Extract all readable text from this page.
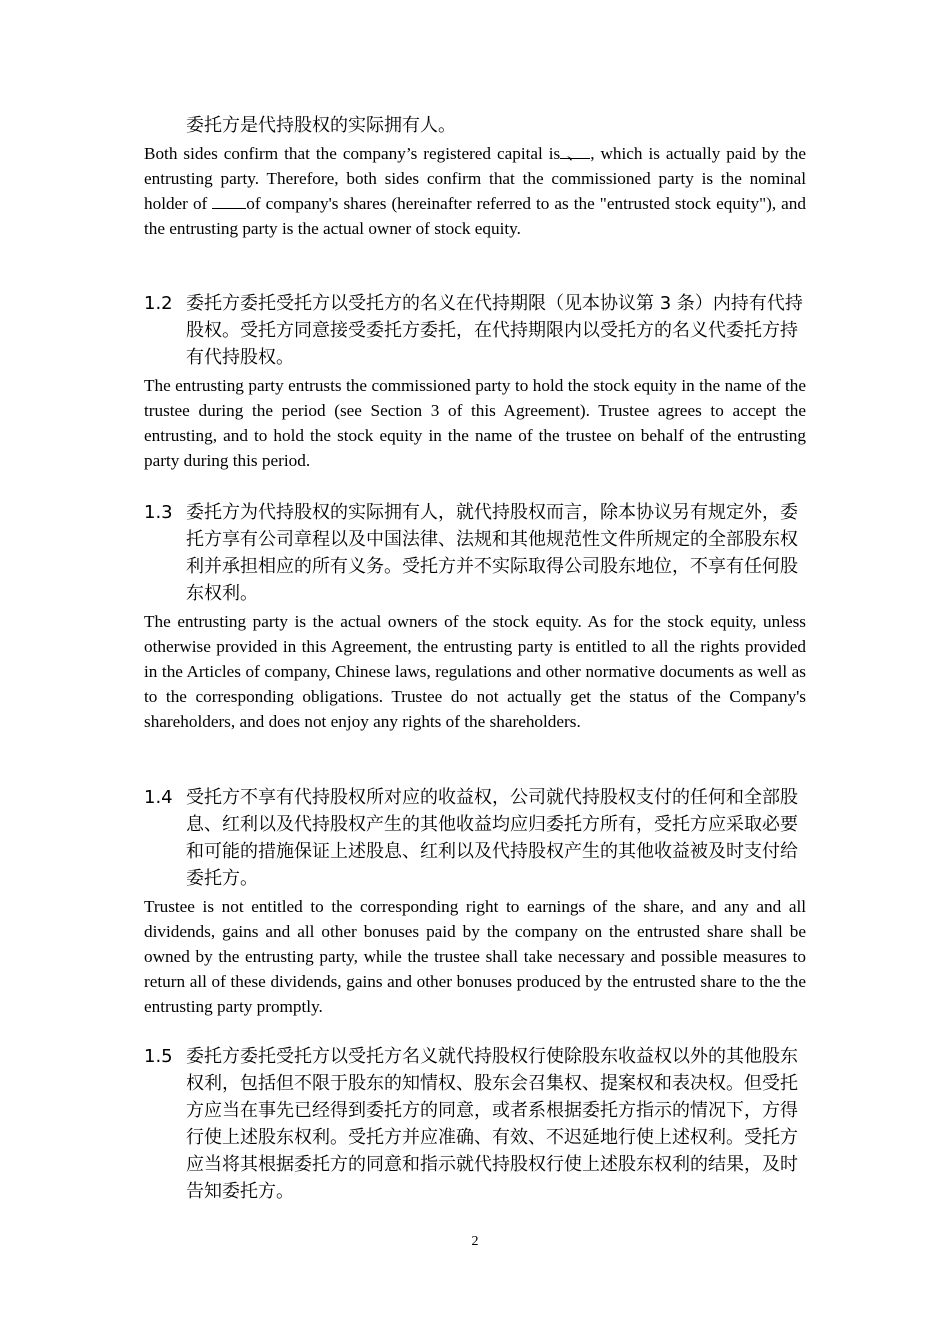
委托方是代持股权的实际拥有人。

Both sides confirm that the company’s registered capital is 、 , which is actually paid by the entrusting party. Therefore, both sides confirm that the commissioned party is the nominal holder of of company's shares (hereinafter referred to as the "entrusted stock equity"), and the entrusting party is the actual owner of stock equity.

1.2 委托方委托受托方以受托方的名义在代持期限（见本协议第 3 条）内持有代持股权。受托方同意接受委托方委托，在代持期限内以受托方的名义代委托方持有代持股权。

The entrusting party entrusts the commissioned party to hold the stock equity in the name of the trustee during the period (see Section 3 of this Agreement). Trustee agrees to accept the entrusting, and to hold the stock equity in the name of the trustee on behalf of the entrusting party during this period.

1.3 委托方为代持股权的实际拥有人，就代持股权而言，除本协议另有规定外，委托方享有公司章程以及中国法律、法规和其他规范性文件所规定的全部股东权利并承担相应的所有义务。受托方并不实际取得公司股东地位，不享有任何股东权利。

The entrusting party is the actual owners of the stock equity. As for the stock equity, unless otherwise provided in this Agreement, the entrusting party is entitled to all the rights provided in the Articles of company, Chinese laws, regulations and other normative documents as well as to the corresponding obligations. Trustee do not actually get the status of the Company's shareholders, and does not enjoy any rights of the shareholders.

1.4 受托方不享有代持股权所对应的收益权，公司就代持股权支付的任何和全部股息、红利以及代持股权产生的其他收益均应归委托方所有，受托方应采取必要和可能的措施保证上述股息、红利以及代持股权产生的其他收益被及时支付给委托方。

Trustee is not entitled to the corresponding right to earnings of the share, and any and all dividends, gains and all other bonuses paid by the company on the entrusted share shall be owned by the entrusting party, while the trustee shall take necessary and possible measures to return all of these dividends, gains and other bonuses produced by the entrusted share to the the entrusting party promptly.

1.5 委托方委托受托方以受托方名义就代持股权行使除股东收益权以外的其他股东权利，包括但不限于股东的知情权、股东会召集权、提案权和表决权。但受托方应当在事先已经得到委托方的同意，或者系根据委托方指示的情况下，方得行使上述股东权利。受托方并应准确、有效、不迟延地行使上述权利。受托方应当将其根据委托方的同意和指示就代持股权行使上述股东权利的结果，及时告知委托方。
2
